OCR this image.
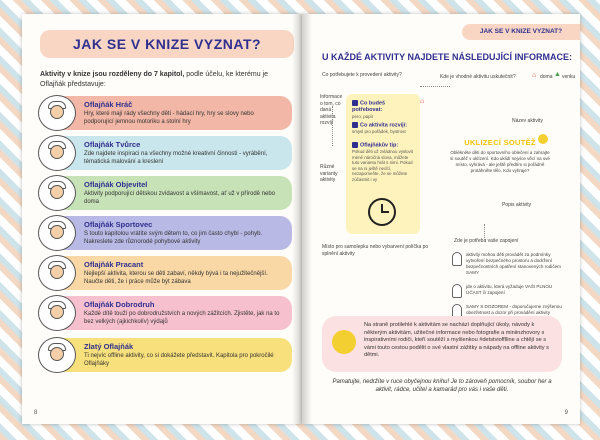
JAK SE V KNIZE VYZNAT?
Aktivity v knize jsou rozděleny do 7 kapitol, podle účelu, ke kterému je Oflajňák představuje:
Oflajňák Hráč
Hry, které mají rády všechny děti - hádací hry, hry se slovy nebo podporující jemnou motoriku a stolní hry
Oflajňák Tvůrce
Zde najdete inspiraci na všechny možné kreativní činnosti - vyrábění, tématická malování a kreslení
Oflajňák Objevitel
Aktivity podporující dětskou zvídavost a všímavost, ať už v přírodě nebo doma
Oflajňák Sportovec
S touto kapitolou vrátíte svým dětem to, co jim často chybí - pohyb. Nakreslete zde různorodé pohybové aktivity
Oflajňák Pracant
Nejlepší aktivita, kterou se děti zabaví, někdy bývá i ta nejužitečnější. Naučte děti, že i práce může být zábava
Oflajňák Dobrodruh
Každé dítě touží po dobrodružstvích a nových zážitcích. Zjistěte, jak na to bez velkých (ajkichkolív) výdajů
Zlatý Oflajňák
Ti nejvíc offline aktivity, co si dokážete představit. Kapitola pro pokročilé Oflajňáky
8
JAK SE V KNIZE VYZNAT?
U KAŽDÉ AKTIVITY NAJDETE NÁSLEDUJÍCÍ INFORMACE:
Co potřebujete k provedení aktivity?	Kde je vhodné aktivitu uskutečnit?	⌂ doma ▲ venku
Informace o tom, co daná aktivita rozvíjí
Různé varianty aktivity
Název aktivity
Popis aktivity
Místo pro samolepku nebo vybarvení políčka po splnění aktivity
Zde je potřeba vaše zapojení
Co budeš potřebovat:
pero, papír
Co aktivita rozvíjí:
smysl pro pořádek, bystrost
Oflajňákův tip:
Pokud děti už zvládnou vyslovit méně náročná slova, můžete tuto variantu hrát s nimi. Pokud se na ni ještě necítí, nezapomeňte, že se můžete zúčastnit i vy
⌂
UKLIZECÍ SOUTĚŽ
Oblékněte děti do sportovního oblečení a zahrajte si soutěž v uklízení. Kdo uklidí nejvíce věcí na své místo, vyhrává - ale ještě předtím si pořádně protáhněte tělo. Kdo vyhraje?
aktivity mohou děti provádět za podmínky vytvoření bezpečného prostoru a dodržení bezpečnostních opatření stanovených rodičem SAMY
jde o aktivitu, která vyžaduje VAŠI PLNOU ÚČAST či zapojení
SAMY S DOZOREM - doporučujeme zvýšenou obezřetnost a dozor při provádění aktivity
Na straně protilehlé k aktivitám se nachází doplňující úkoly, návody k některým aktivitám, užitečné informace nebo fotografie a miniinzhovory s inspirativními rodiči, kteří soutěží s myšlenkou #detstviofflline a chtějí se s vámi touto cestou podělit o své vlastní zážitky a nápady na offline aktivity s dětmi.
Pamatujte, nedržíte v ruce obyčejnou knihu! Je to zároveň pomocník, soubor her a aktivit, rádce, učitel a kamarád pro vás i vaše děti.
9
